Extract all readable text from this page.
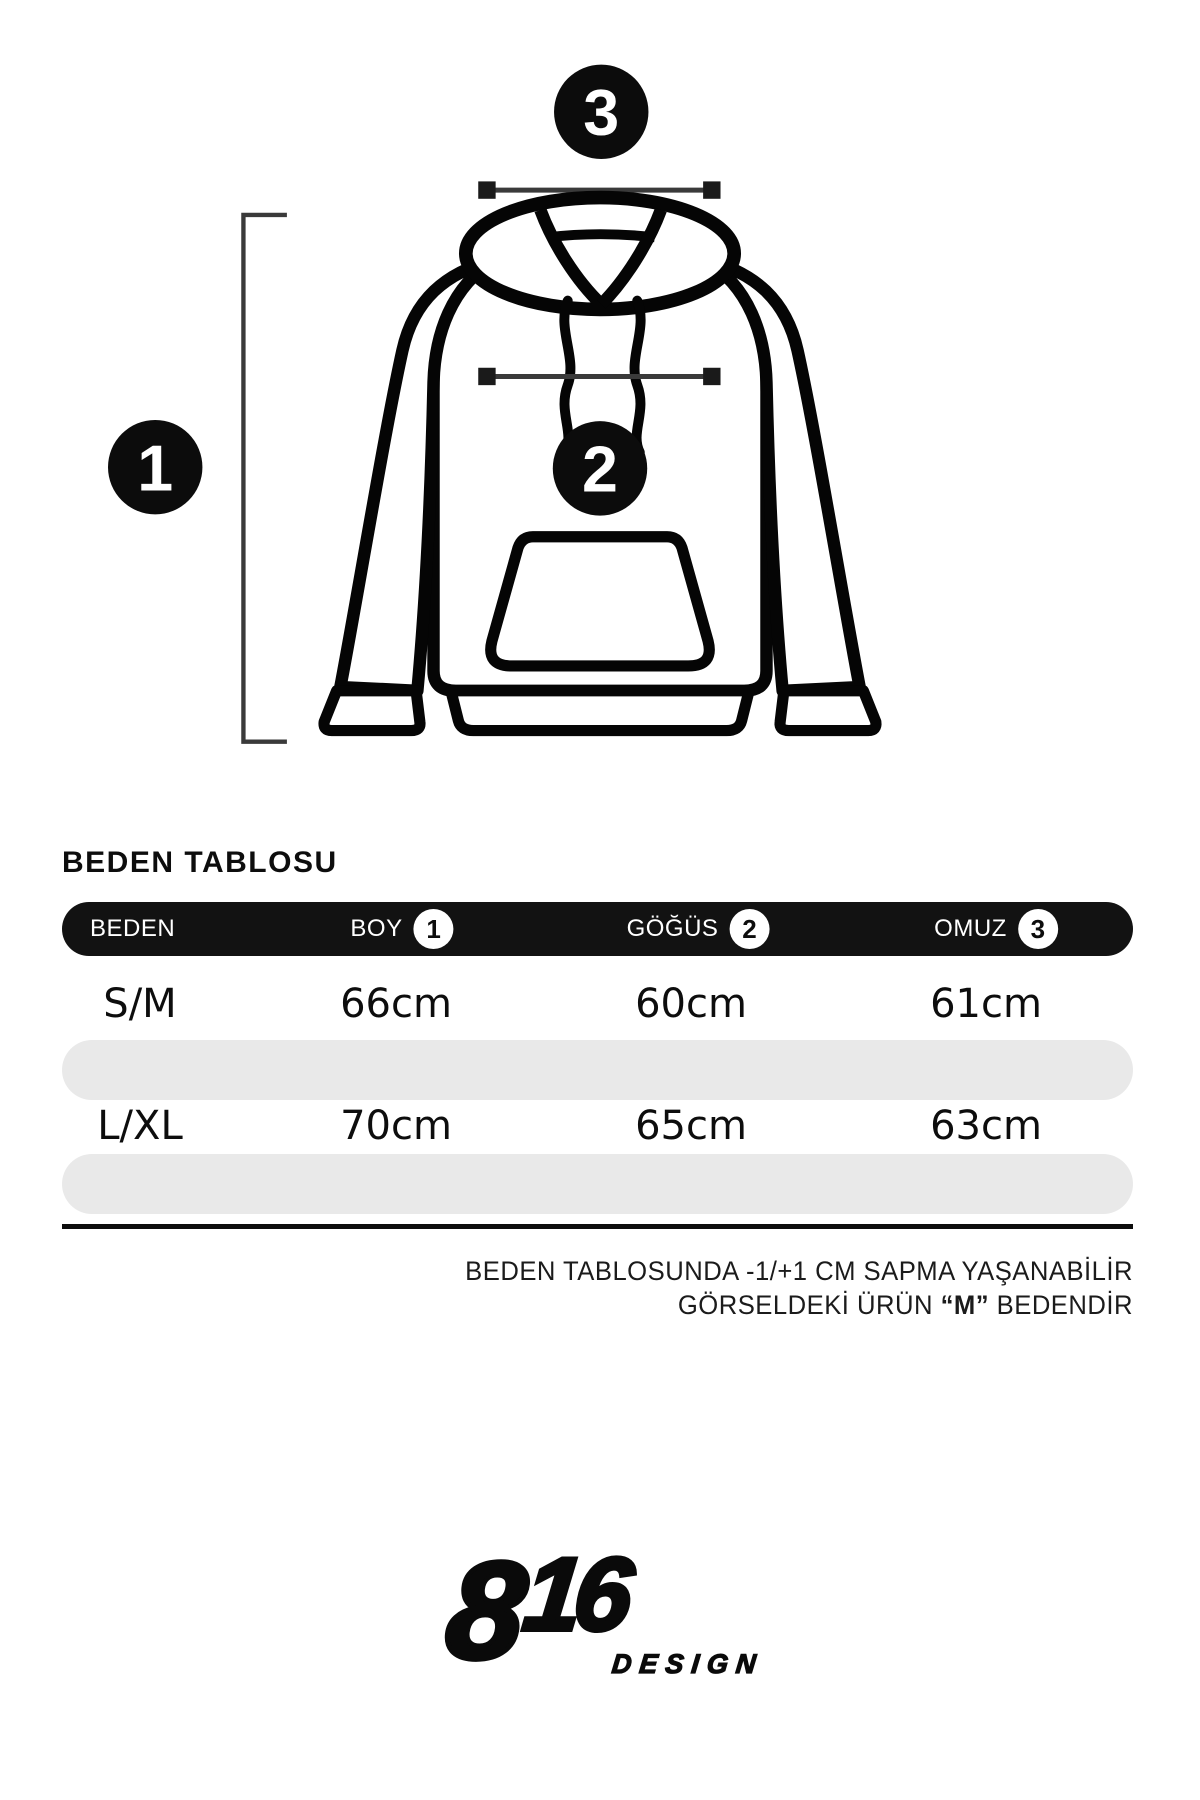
1	2
3
BEDEN TABLOSU
BEDEN	BOY 1	GÖĞÜS 2	OMUZ 3
S/M	66cm	60cm	61cm
L/XL	70cm	65cm	63cm
BEDEN TABLOSUNDA -1/+1 CM SAPMA YAŞANABİLİR
GÖRSELDEKİ ÜRÜN “M” BEDENDİR
816
DESIGN
